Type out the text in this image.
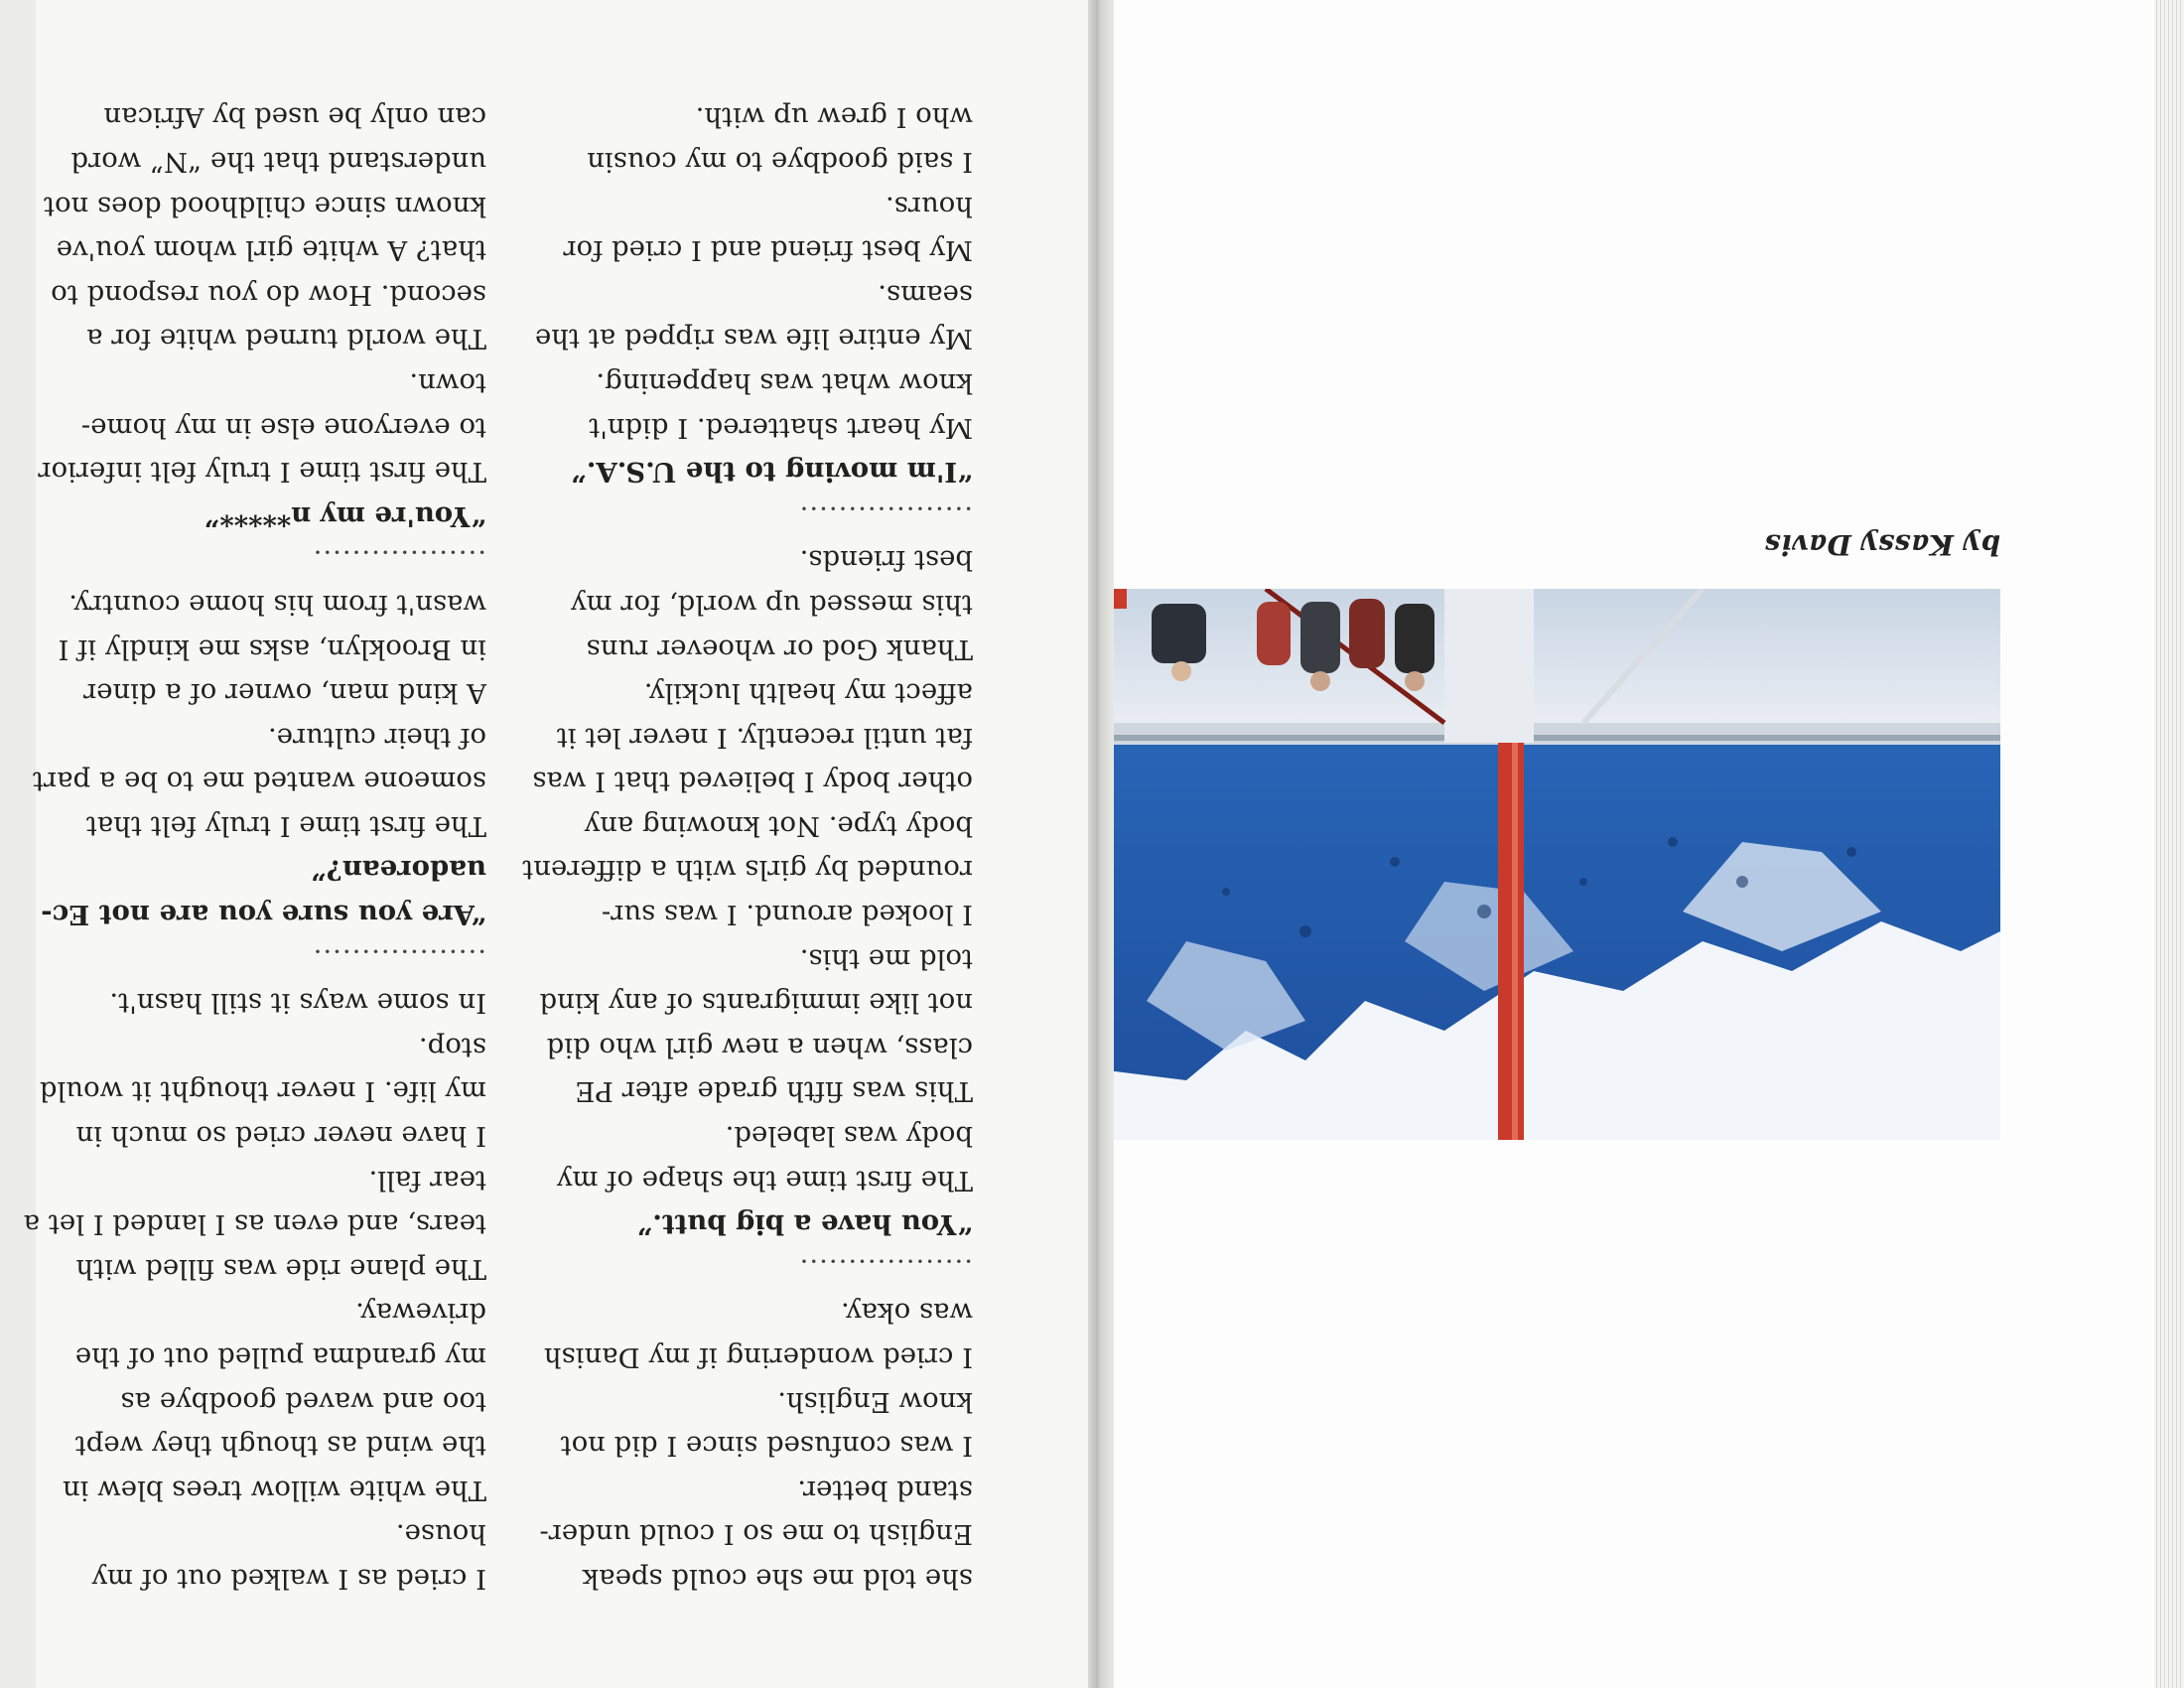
by Kassy Davis
she told me she could speak
English to me so I could under-
stand better.
I was confused since I did not
know English.
I cried wondering if my Danish
was okay.
..................
“You have a big butt.”
The first time the shape of my
body was labeled.
This was fifth grade after PE
class, when a new girl who did
not like immigrants of any kind
told me this.
I looked around. I was sur-
rounded by girls with a different
body type. Not knowing any
other body I believed that I was
fat until recently. I never let it
affect my health luckily.
Thank God or whoever runs
this messed up world, for my
best friends.
..................
“I'm moving to the U.S.A.”
My heart shattered. I didn't
know what was happening.
My entire life was ripped at the
seams.
My best friend and I cried for
hours.
I said goodbye to my cousin
who I grew up with.
I cried as I walked out of my
house.
The white willow trees blew in
the wind as though they wept
too and waved goodbye as
my grandma pulled out of the
driveway.
The plane ride was filled with
tears, and even as I landed I let a
tear fall.
I have never cried so much in
my life. I never thought it would
stop.
In some ways it still hasn't.
..................
“Are you sure you are not Ec-
uadorean?”
The first time I truly felt that
someone wanted me to be a part
of their culture.
A kind man, owner of a diner
in Brooklyn, asks me kindly if I
wasn't from his home country.
..................
“You're my n*****”
The first time I truly felt inferior
to everyone else in my home-
town.
The world turned white for a
second. How do you respond to
that? A white girl whom you've
known since childhood does not
understand that the “N” word
can only be used by African
